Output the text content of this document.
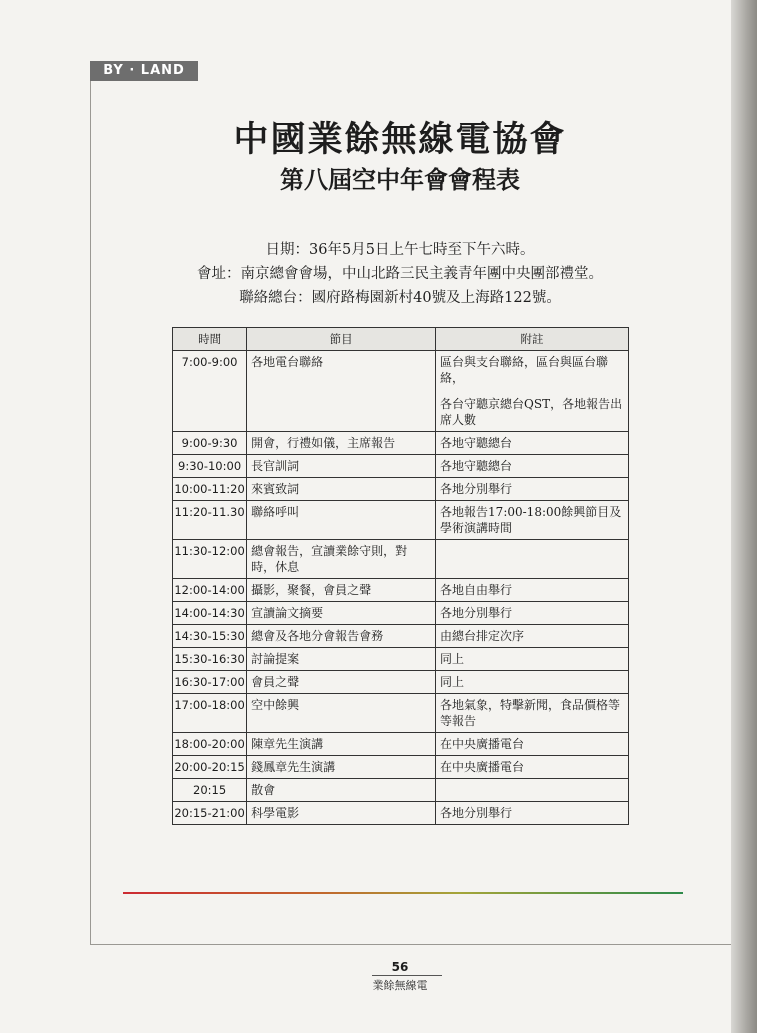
BY · LAND
中國業餘無線電協會
第八屆空中年會會程表
日期：36年5月5日上午七時至下午六時。
會址：南京總會會場，中山北路三民主義青年團中央團部禮堂。
聯絡總台：國府路梅園新村40號及上海路122號。
時間	節目	附註
7:00-9:00	各地電台聯絡	區台與支台聯絡，區台與區台聯絡，
各台守聽京總台QST，各地報告出席人數

9:00-9:30	開會，行禮如儀，主席報告	各地守聽總台
9:30-10:00	長官訓詞	各地守聽總台
10:00-11:20	來賓致詞	各地分別舉行
11:20-11.30	聯絡呼叫	各地報告17:00-18:00餘興節目及學術演講時間
11:30-12:00	總會報告，宣讀業餘守則，對時，休息	
12:00-14:00	攝影，聚餐，會員之聲	各地自由舉行
14:00-14:30	宣讀論文摘要	各地分別舉行
14:30-15:30	總會及各地分會報告會務	由總台排定次序
15:30-16:30	討論提案	同上
16:30-17:00	會員之聲	同上
17:00-18:00	空中餘興	各地氣象，特擊新聞，食品價格等等報告
18:00-20:00	陳章先生演講	在中央廣播電台
20:00-20:15	錢鳳章先生演講	在中央廣播電台
20:15	散會	
20:15-21:00	科學電影	各地分別舉行
56
業餘無線電
